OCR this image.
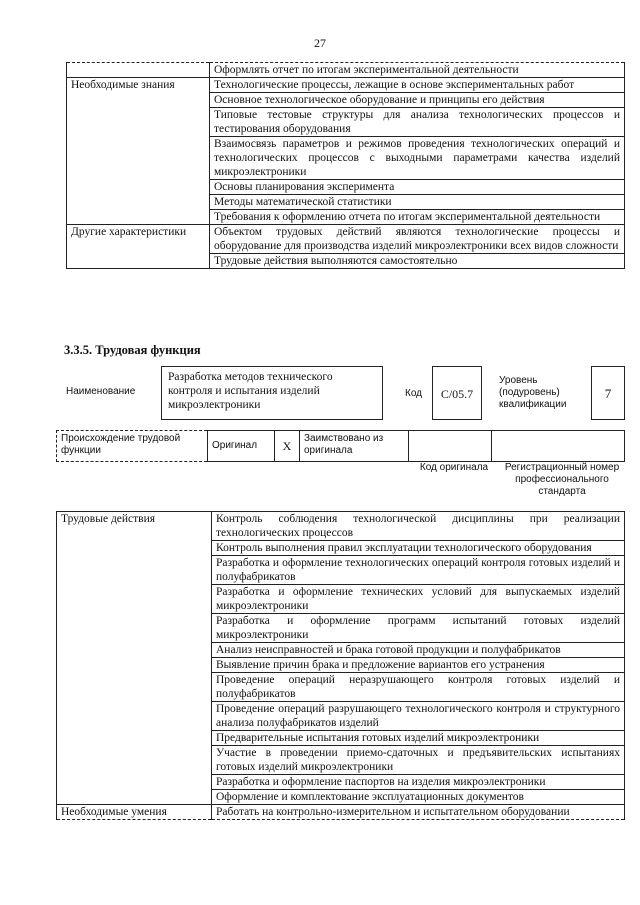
27
	Оформлять отчет по итогам экспериментальной деятельности
Необходимые знания	Технологические процессы, лежащие в основе экспериментальных работ
	Основное технологическое оборудование и принципы его действия
	Типовые тестовые структуры для анализа технологических процессов и тестирования оборудования
	Взаимосвязь параметров и режимов проведения технологических операций и технологических процессов с выходными параметрами качества изделий микроэлектроники
	Основы планирования эксперимента
	Методы математической статистики
	Требования к оформлению отчета по итогам экспериментальной деятельности
Другие характеристики	Объектом трудовых действий являются технологические процессы и оборудование для производства изделий микроэлектроники всех видов сложности
	Трудовые действия выполняются самостоятельно
3.3.5. Трудовая функция
Наименование
Разработка методов технического контроля и испытания изделий микроэлектроники
Код	С/05.7
Уровень (подуровень) квалификации
7
Происхождение трудовой функции	Оригинал	X	Заимствовано из оригинала		
Код оригинала	Регистрационный номер профессионального стандарта
Трудовые действия	Контроль соблюдения технологической дисциплины при реализации технологических процессов
	Контроль выполнения правил эксплуатации технологического оборудования
	Разработка и оформление технологических операций контроля готовых изделий и полуфабрикатов
	Разработка и оформление технических условий для выпускаемых изделий микроэлектроники
	Разработка и оформление программ испытаний готовых изделий микроэлектроники
	Анализ неисправностей и брака готовой продукции и полуфабрикатов
	Выявление причин брака и предложение вариантов его устранения
	Проведение операций неразрушающего контроля готовых изделий и полуфабрикатов
	Проведение операций разрушающего технологического контроля и структурного анализа полуфабрикатов изделий
	Предварительные испытания готовых изделий микроэлектроники
	Участие в проведении приемо-сдаточных и предъявительских испытаниях готовых изделий микроэлектроники
	Разработка и оформление паспортов на изделия микроэлектроники
	Оформление и комплектование эксплуатационных документов
Необходимые умения	Работать на контрольно-измерительном и испытательном оборудовании
